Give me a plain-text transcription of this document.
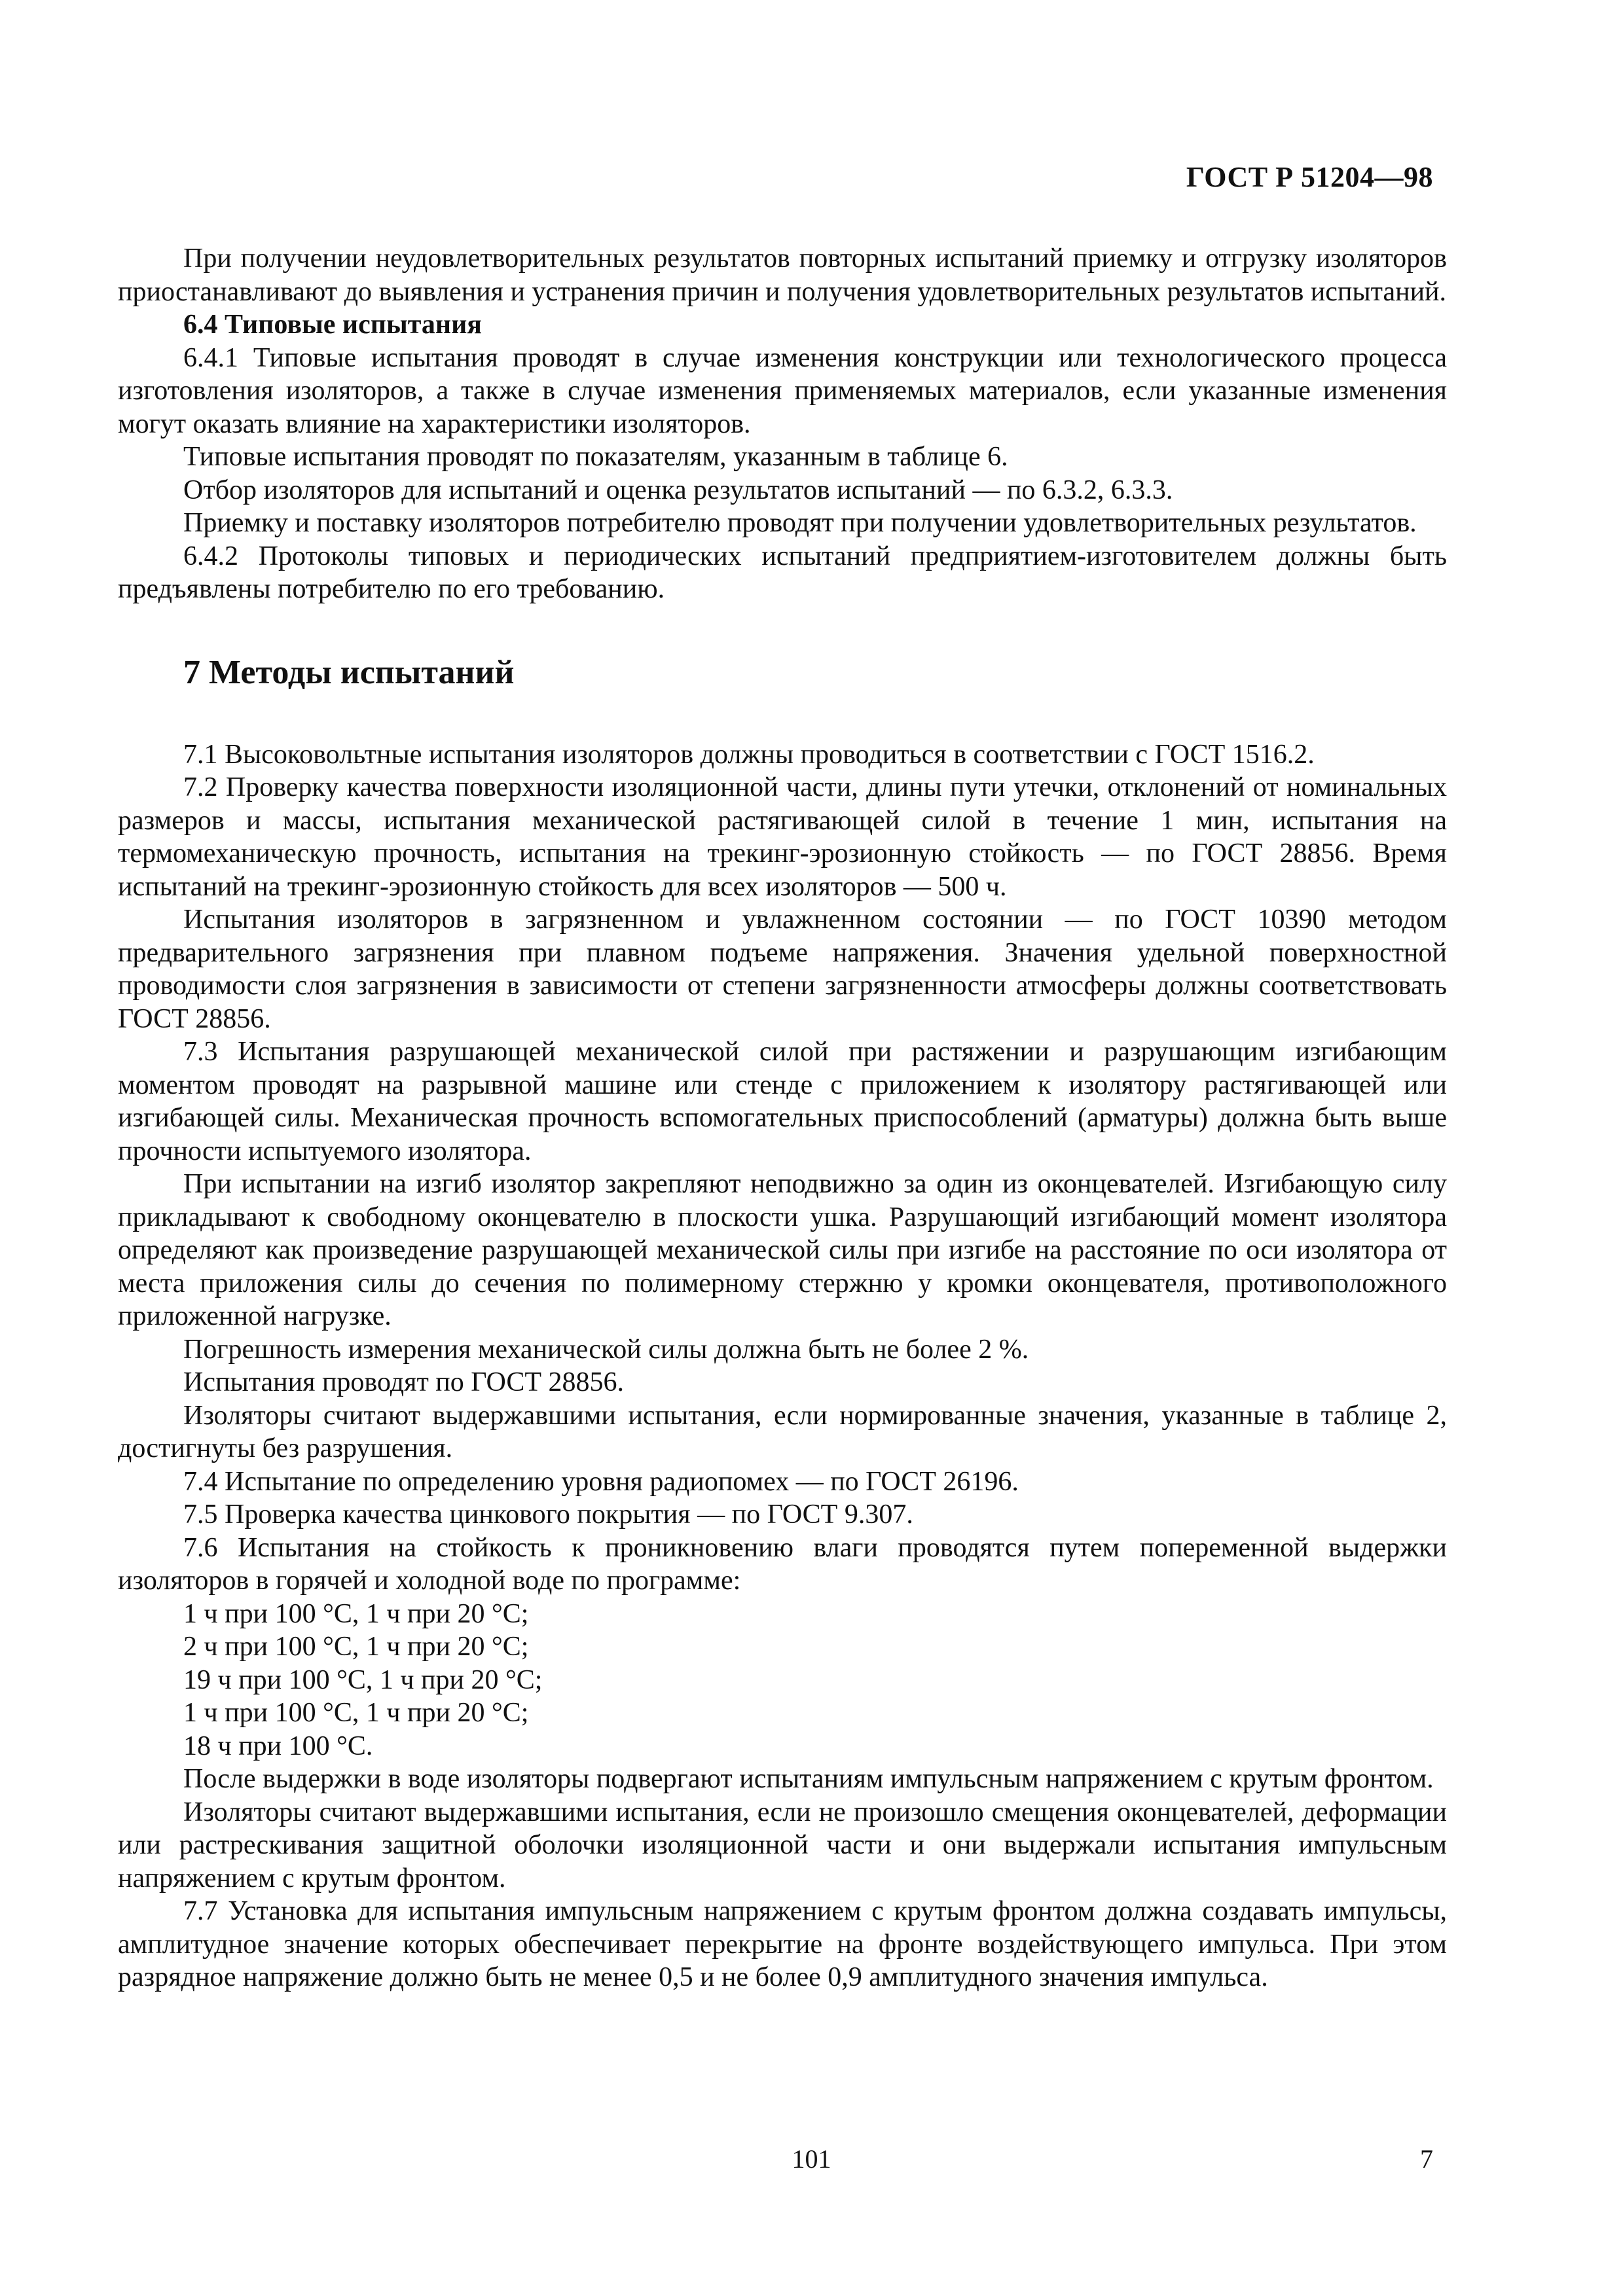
ГОСТ Р 51204—98

При получении неудовлетворительных результатов повторных испытаний приемку и отгрузку изоляторов приостанавливают до выявления и устранения причин и получения удовлетворительных результатов испытаний.

6.4 Типовые испытания

6.4.1 Типовые испытания проводят в случае изменения конструкции или технологического процесса изготовления изоляторов, а также в случае изменения применяемых материалов, если указанные изменения могут оказать влияние на характеристики изоляторов.

Типовые испытания проводят по показателям, указанным в таблице 6.

Отбор изоляторов для испытаний и оценка результатов испытаний — по 6.3.2, 6.3.3.

Приемку и поставку изоляторов потребителю проводят при получении удовлетворительных результатов.

6.4.2 Протоколы типовых и периодических испытаний предприятием-изготовителем должны быть предъявлены потребителю по его требованию.

7 Методы испытаний

7.1 Высоковольтные испытания изоляторов должны проводиться в соответствии с ГОСТ 1516.2.

7.2 Проверку качества поверхности изоляционной части, длины пути утечки, отклонений от номинальных размеров и массы, испытания механической растягивающей силой в течение 1 мин, испытания на термомеханическую прочность, испытания на трекинг-эрозионную стойкость — по ГОСТ 28856. Время испытаний на трекинг-эрозионную стойкость для всех изоляторов — 500 ч.

Испытания изоляторов в загрязненном и увлажненном состоянии — по ГОСТ 10390 методом предварительного загрязнения при плавном подъеме напряжения. Значения удельной поверхностной проводимости слоя загрязнения в зависимости от степени загрязненности атмосферы должны соответствовать ГОСТ 28856.

7.3 Испытания разрушающей механической силой при растяжении и разрушающим изгибающим моментом проводят на разрывной машине или стенде с приложением к изолятору растягивающей или изгибающей силы. Механическая прочность вспомогательных приспособлений (арматуры) должна быть выше прочности испытуемого изолятора.

При испытании на изгиб изолятор закрепляют неподвижно за один из оконцевателей. Изгибающую силу прикладывают к свободному оконцевателю в плоскости ушка. Разрушающий изгибающий момент изолятора определяют как произведение разрушающей механической силы при изгибе на расстояние по оси изолятора от места приложения силы до сечения по полимерному стержню у кромки оконцевателя, противоположного приложенной нагрузке.

Погрешность измерения механической силы должна быть не более 2 %.

Испытания проводят по ГОСТ 28856.

Изоляторы считают выдержавшими испытания, если нормированные значения, указанные в таблице 2, достигнуты без разрушения.

7.4 Испытание по определению уровня радиопомех — по ГОСТ 26196.

7.5 Проверка качества цинкового покрытия — по ГОСТ 9.307.

7.6 Испытания на стойкость к проникновению влаги проводятся путем попеременной выдержки изоляторов в горячей и холодной воде по программе:

1 ч при 100 °С, 1 ч при 20 °С;

2 ч при 100 °С, 1 ч при 20 °С;

19 ч при 100 °С, 1 ч при 20 °С;

1 ч при 100 °С, 1 ч при 20 °С;

18 ч при 100 °С.

После выдержки в воде изоляторы подвергают испытаниям импульсным напряжением с крутым фронтом.

Изоляторы считают выдержавшими испытания, если не произошло смещения оконцевателей, деформации или растрескивания защитной оболочки изоляционной части и они выдержали испытания импульсным напряжением с крутым фронтом.

7.7 Установка для испытания импульсным напряжением с крутым фронтом должна создавать импульсы, амплитудное значение которых обеспечивает перекрытие на фронте воздействующего импульса. При этом разрядное напряжение должно быть не менее 0,5 и не более 0,9 амплитудного значения импульса.

101	7
